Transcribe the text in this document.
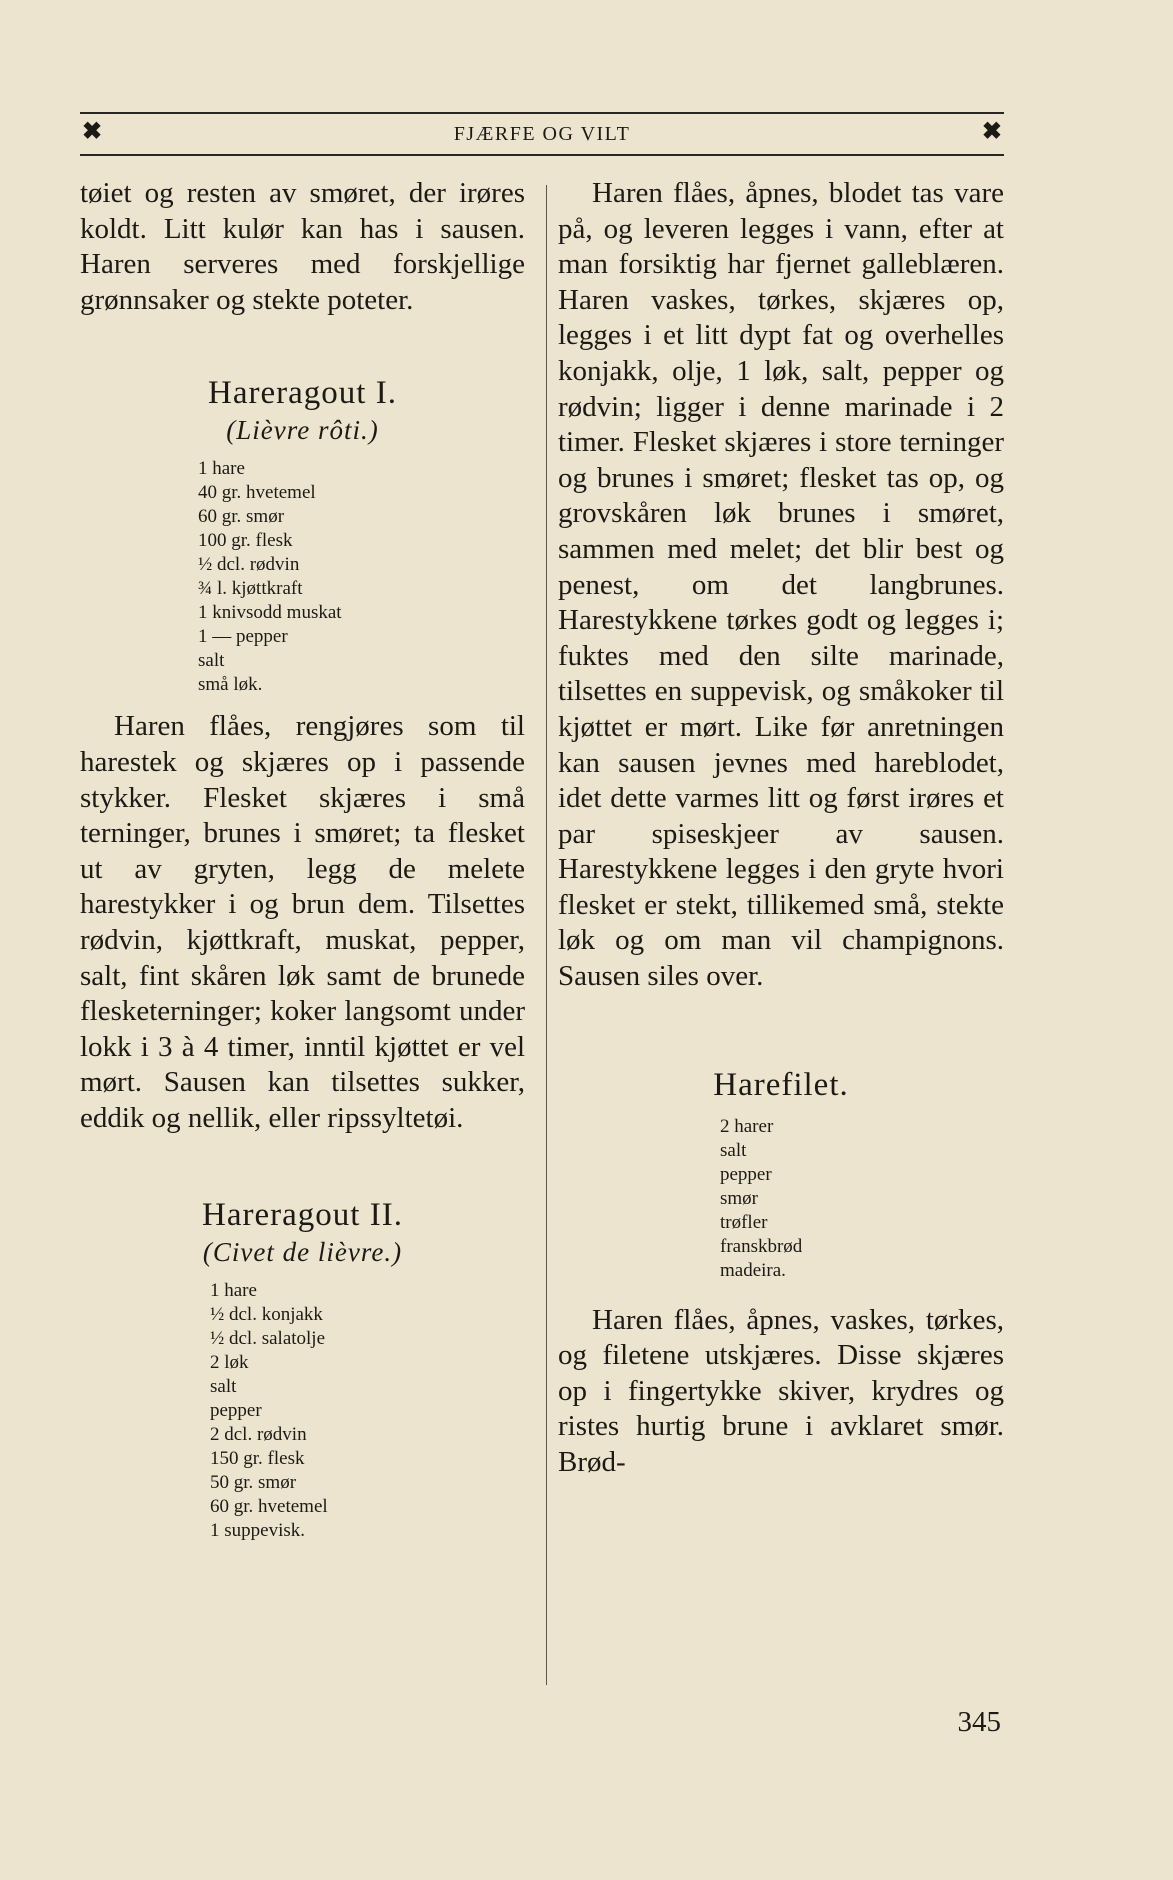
✖	FJÆRFE OG VILT	✖

tøiet og resten av smøret, der irøres koldt. Litt kulør kan has i sausen. Haren serveres med forskjellige grønnsaker og stekte poteter.

Hareragout I.
(Lièvre rôti.)
1 hare
40 gr. hvetemel
60 gr. smør
100 gr. flesk
½ dcl. rødvin
¾ l. kjøttkraft
1 knivsodd muskat
1 — pepper
salt
små løk.

Haren flåes, rengjøres som til harestek og skjæres op i passende stykker. Flesket skjæres i små terninger, brunes i smøret; ta flesket ut av gryten, legg de melete harestykker i og brun dem. Tilsettes rødvin, kjøttkraft, muskat, pepper, salt, fint skåren løk samt de brunede flesketerninger; koker langsomt under lokk i 3 à 4 timer, inntil kjøttet er vel mørt. Sausen kan tilsettes sukker, eddik og nellik, eller ripssyltetøi.

Hareragout II.
(Civet de lièvre.)
1 hare
½ dcl. konjakk
½ dcl. salatolje
2 løk
salt
pepper
2 dcl. rødvin
150 gr. flesk
50 gr. smør
60 gr. hvetemel
1 suppevisk.

Haren flåes, åpnes, blodet tas vare på, og leveren legges i vann, efter at man forsiktig har fjernet galleblæren. Haren vaskes, tørkes, skjæres op, legges i et litt dypt fat og overhelles konjakk, olje, 1 løk, salt, pepper og rødvin; ligger i denne marinade i 2 timer. Flesket skjæres i store terninger og brunes i smøret; flesket tas op, og grovskåren løk brunes i smøret, sammen med melet; det blir best og penest, om det langbrunes. Harestykkene tørkes godt og legges i; fuktes med den silte marinade, tilsettes en suppevisk, og småkoker til kjøttet er mørt. Like før anretningen kan sausen jevnes med hareblodet, idet dette varmes litt og først irøres et par spiseskjeer av sausen. Harestykkene legges i den gryte hvori flesket er stekt, tillikemed små, stekte løk og om man vil champignons. Sausen siles over.

Harefilet.
2 harer
salt
pepper
smør
trøfler
franskbrød
madeira.

Haren flåes, åpnes, vaskes, tørkes, og filetene utskjæres. Disse skjæres op i fingertykke skiver, krydres og ristes hurtig brune i avklaret smør. Brød-

345
